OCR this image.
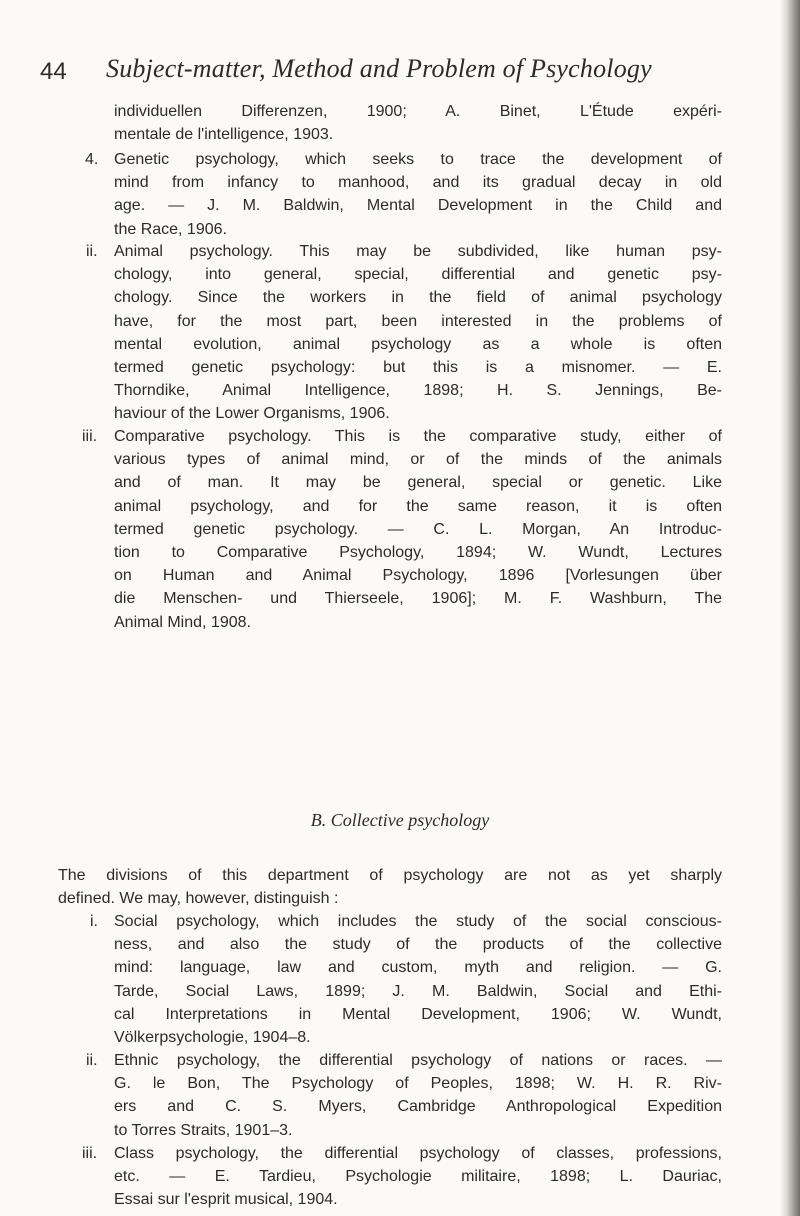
44 Subject-matter, Method and Problem of Psychology
individuellen Differenzen, 1900; A. Binet, L'Étude expéri-
mentale de l'intelligence, 1903.
4. Genetic psychology, which seeks to trace the development of
mind from infancy to manhood, and its gradual decay in old
age. — J. M. Baldwin, Mental Development in the Child and
the Race, 1906.
ii. Animal psychology. This may be subdivided, like human psy-
chology, into general, special, differential and genetic psy-
chology. Since the workers in the field of animal psychology
have, for the most part, been interested in the problems of
mental evolution, animal psychology as a whole is often
termed genetic psychology: but this is a misnomer. — E.
Thorndike, Animal Intelligence, 1898; H. S. Jennings, Be-
haviour of the Lower Organisms, 1906.
iii. Comparative psychology. This is the comparative study, either of
various types of animal mind, or of the minds of the animals
and of man. It may be general, special or genetic. Like
animal psychology, and for the same reason, it is often
termed genetic psychology. — C. L. Morgan, An Introduc-
tion to Comparative Psychology, 1894; W. Wundt, Lectures
on Human and Animal Psychology, 1896 [Vorlesungen über
die Menschen- und Thierseele, 1906]; M. F. Washburn, The
Animal Mind, 1908.
B. Collective psychology
The divisions of this department of psychology are not as yet sharply
defined. We may, however, distinguish :
i. Social psychology, which includes the study of the social conscious-
ness, and also the study of the products of the collective
mind: language, law and custom, myth and religion. — G.
Tarde, Social Laws, 1899; J. M. Baldwin, Social and Ethi-
cal Interpretations in Mental Development, 1906; W. Wundt,
Völkerpsychologie, 1904–8.
ii. Ethnic psychology, the differential psychology of nations or races. —
G. le Bon, The Psychology of Peoples, 1898; W. H. R. Riv-
ers and C. S. Myers, Cambridge Anthropological Expedition
to Torres Straits, 1901–3.
iii. Class psychology, the differential psychology of classes, professions,
etc. — E. Tardieu, Psychologie militaire, 1898; L. Dauriac,
Essai sur l'esprit musical, 1904.
